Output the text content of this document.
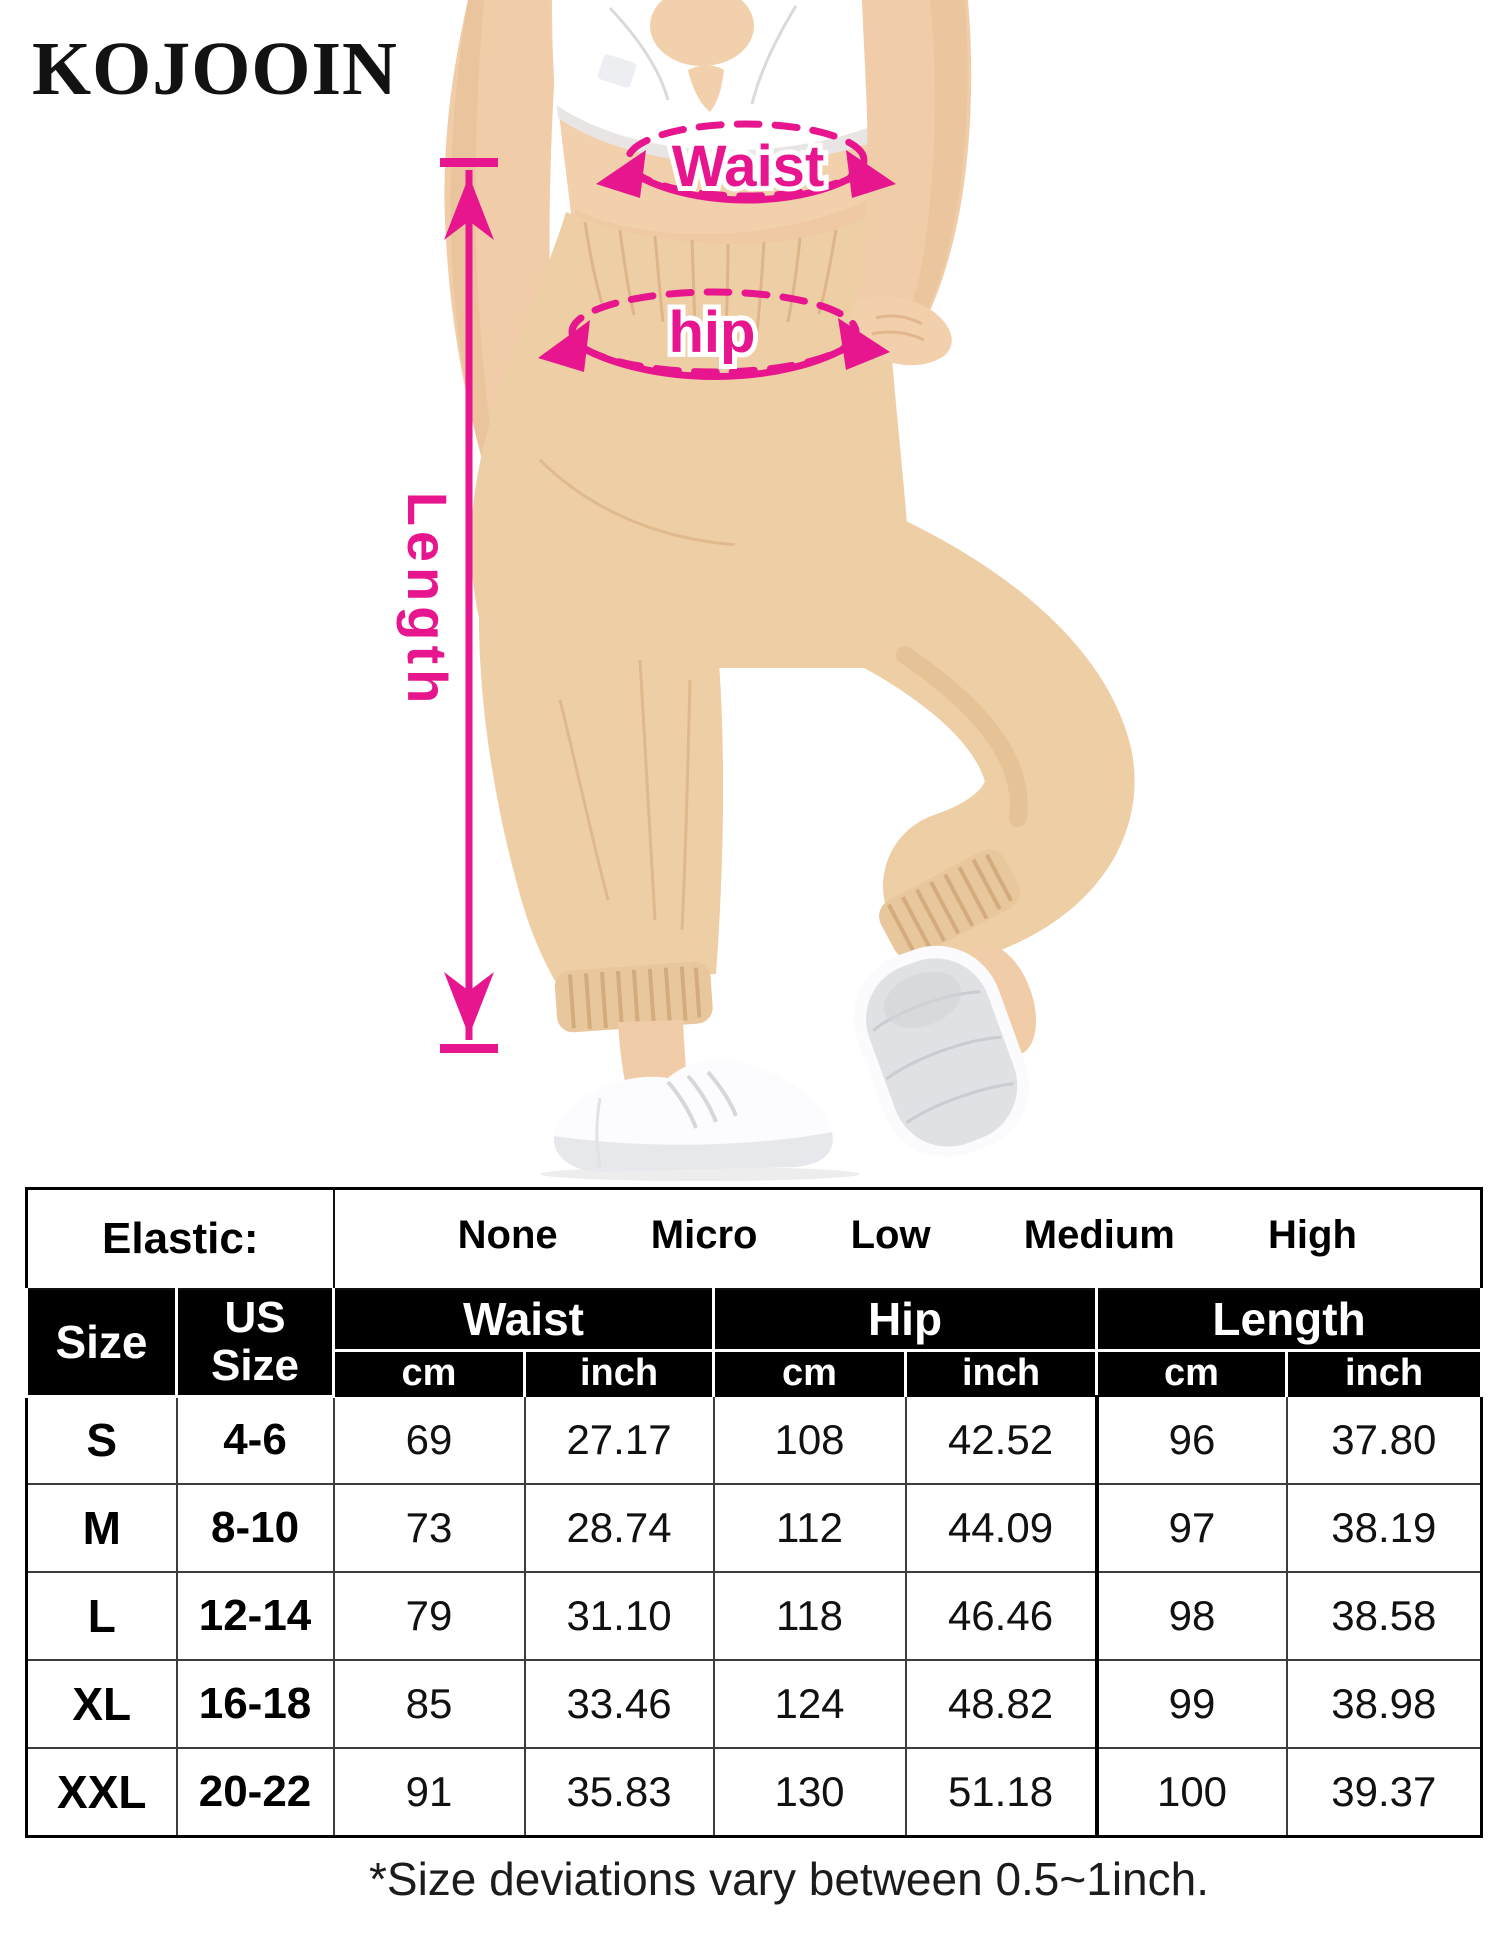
KOJOOIN
Length
Waist
hip
Elastic:		None Micro Low Medium High					

Size	US Size	Waist		Hip		Length	
		cm	inch	cm	inch	cm	inch
S	4-6	69	27.17	108	42.52	96	37.80
M	8-10	73	28.74	112	44.09	97	38.19
L	12-14	79	31.10	118	46.46	98	38.58
XL	16-18	85	33.46	124	48.82	99	38.98
XXL	20-22	91	35.83	130	51.18	100	39.37
*Size deviations vary between 0.5~1inch.
